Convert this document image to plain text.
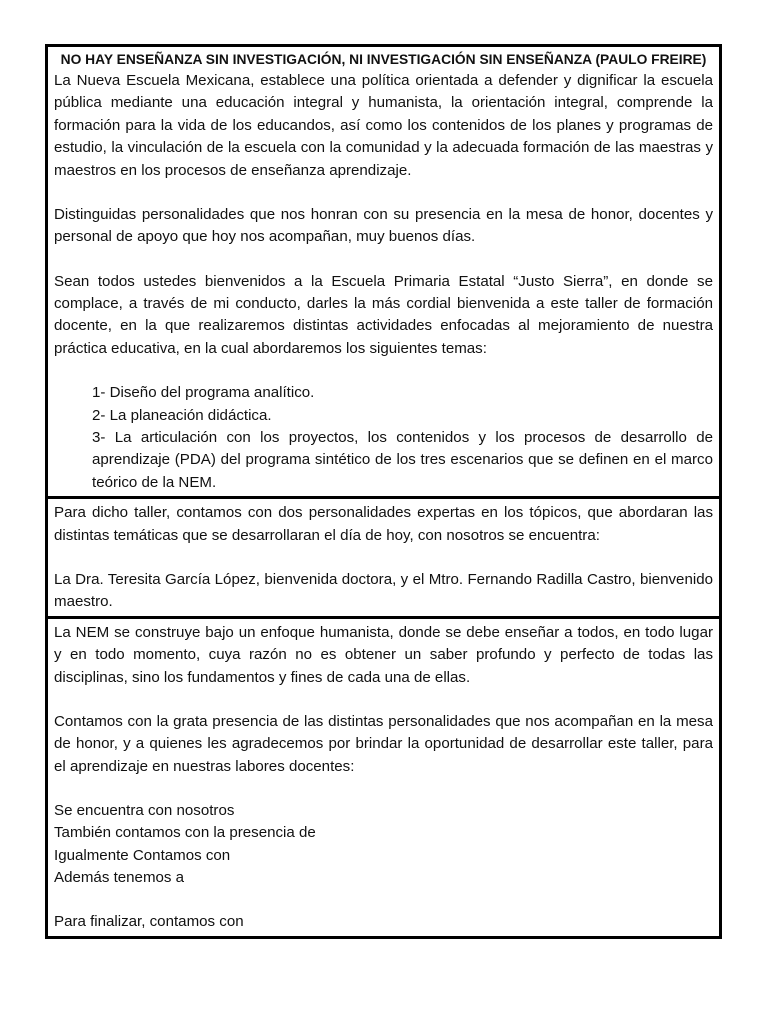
NO HAY ENSEÑANZA SIN INVESTIGACIÓN, NI INVESTIGACIÓN SIN ENSEÑANZA (PAULO FREIRE)

La Nueva Escuela Mexicana, establece una política orientada a defender y dignificar la escuela pública mediante una educación integral y humanista, la orientación integral, comprende la formación para la vida de los educandos, así como los contenidos de los planes y programas de estudio, la vinculación de la escuela con la comunidad y la adecuada formación de las maestras y maestros en los procesos de enseñanza aprendizaje.

Distinguidas personalidades que nos honran con su presencia en la mesa de honor, docentes y personal de apoyo que hoy nos acompañan, muy buenos días.

Sean todos ustedes bienvenidos a la Escuela Primaria Estatal “Justo Sierra”, en donde se complace, a través de mi conducto, darles la más cordial bienvenida a este taller de formación docente, en la que realizaremos distintas actividades enfocadas al mejoramiento de nuestra práctica educativa, en la cual abordaremos los siguientes temas:

1- Diseño del programa analítico.
2- La planeación didáctica.
3- La articulación con los proyectos, los contenidos y los procesos de desarrollo de aprendizaje (PDA) del programa sintético de los tres escenarios que se definen en el marco teórico de la NEM.

Para dicho taller, contamos con dos personalidades expertas en los tópicos, que abordaran las distintas temáticas que se desarrollaran el día de hoy, con nosotros se encuentra:

La Dra. Teresita García López, bienvenida doctora, y el Mtro. Fernando Radilla Castro, bienvenido maestro.

La NEM se construye bajo un enfoque humanista, donde se debe enseñar a todos, en todo lugar y en todo momento, cuya razón no es obtener un saber profundo y perfecto de todas las disciplinas, sino los fundamentos y fines de cada una de ellas.

Contamos con la grata presencia de las distintas personalidades que nos acompañan en la mesa de honor, y a quienes les agradecemos por brindar la oportunidad de desarrollar este taller, para el aprendizaje en nuestras labores docentes:

Se encuentra con nosotros

También contamos con la presencia de

Igualmente Contamos con

Además tenemos a

Para finalizar, contamos con
